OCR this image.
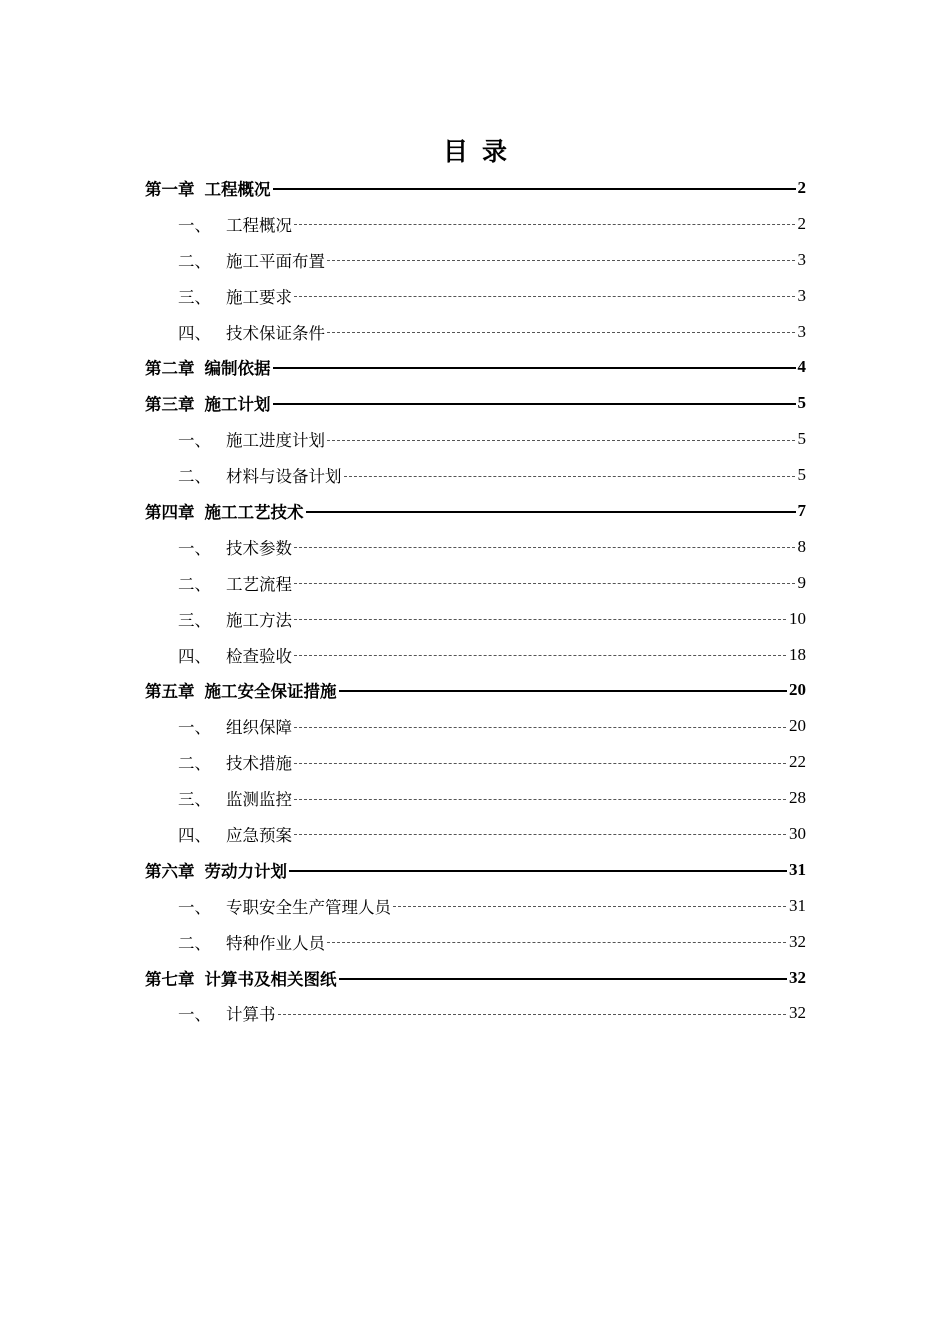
目 录
第一章 工程概况	2
一、 工程概况	2
二、 施工平面布置	3
三、 施工要求	3
四、 技术保证条件	3
第二章 编制依据	4
第三章 施工计划	5
一、 施工进度计划	5
二、 材料与设备计划	5
第四章 施工工艺技术	7
一、 技术参数	8
二、 工艺流程	9
三、 施工方法	10
四、 检查验收	18
第五章 施工安全保证措施	20
一、 组织保障	20
二、 技术措施	22
三、 监测监控	28
四、 应急预案	30
第六章 劳动力计划	31
一、 专职安全生产管理人员	31
二、 特种作业人员	32
第七章 计算书及相关图纸	32
一、 计算书	32
